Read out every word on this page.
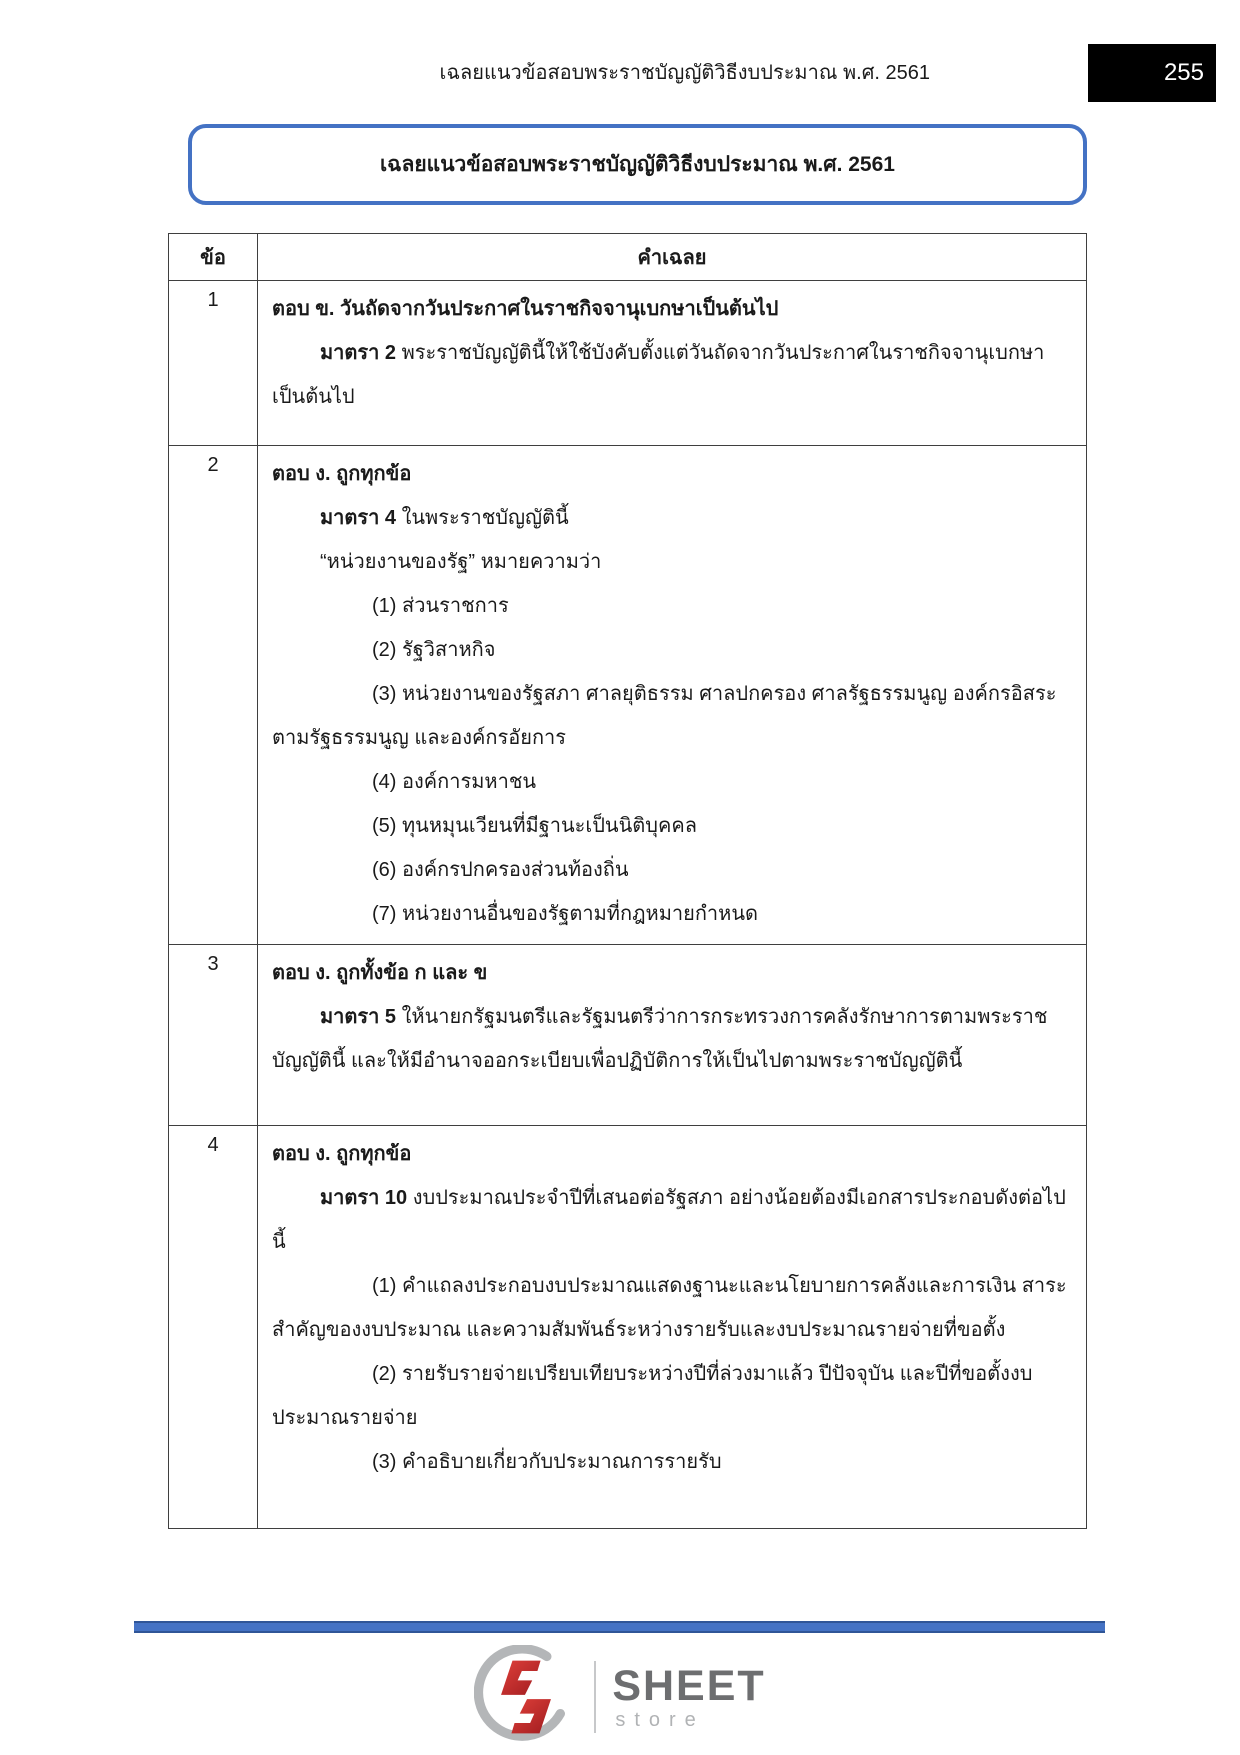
เฉลยแนวข้อสอบพระราชบัญญัติวิธีงบประมาณ พ.ศ. 2561	255
เฉลยแนวข้อสอบพระราชบัญญัติวิธีงบประมาณ พ.ศ. 2561
ข้อ	คำเฉลย
1	ตอบ ข. วันถัดจากวันประกาศในราชกิจจานุเบกษาเป็นต้นไป

มาตรา 2 พระราชบัญญัตินี้ให้ใช้บังคับตั้งแต่วันถัดจากวันประกาศในราชกิจจานุเบกษา เป็นต้นไป

2	ตอบ ง. ถูกทุกข้อ

มาตรา 4 ในพระราชบัญญัตินี้

“หน่วยงานของรัฐ” หมายความว่า

(1) ส่วนราชการ

(2) รัฐวิสาหกิจ

(3) หน่วยงานของรัฐสภา ศาลยุติธรรม ศาลปกครอง ศาลรัฐธรรมนูญ องค์กรอิสระตามรัฐธรรมนูญ และองค์กรอัยการ

(4) องค์การมหาชน

(5) ทุนหมุนเวียนที่มีฐานะเป็นนิติบุคคล

(6) องค์กรปกครองส่วนท้องถิ่น

(7) หน่วยงานอื่นของรัฐตามที่กฎหมายกำหนด

3	ตอบ ง. ถูกทั้งข้อ ก และ ข

มาตรา 5 ให้นายกรัฐมนตรีและรัฐมนตรีว่าการกระทรวงการคลังรักษาการตามพระราชบัญญัตินี้ และให้มีอำนาจออกระเบียบเพื่อปฏิบัติการให้เป็นไปตามพระราชบัญญัตินี้

4	ตอบ ง. ถูกทุกข้อ

มาตรา 10 งบประมาณประจำปีที่เสนอต่อรัฐสภา อย่างน้อยต้องมีเอกสารประกอบดังต่อไปนี้

(1) คำแถลงประกอบงบประมาณแสดงฐานะและนโยบายการคลังและการเงิน สาระสำคัญของงบประมาณ และความสัมพันธ์ระหว่างรายรับและงบประมาณรายจ่ายที่ขอตั้ง

(2) รายรับรายจ่ายเปรียบเทียบระหว่างปีที่ล่วงมาแล้ว ปีปัจจุบัน และปีที่ขอตั้งงบประมาณรายจ่าย

(3) คำอธิบายเกี่ยวกับประมาณการรายรับ

SHEET
store
